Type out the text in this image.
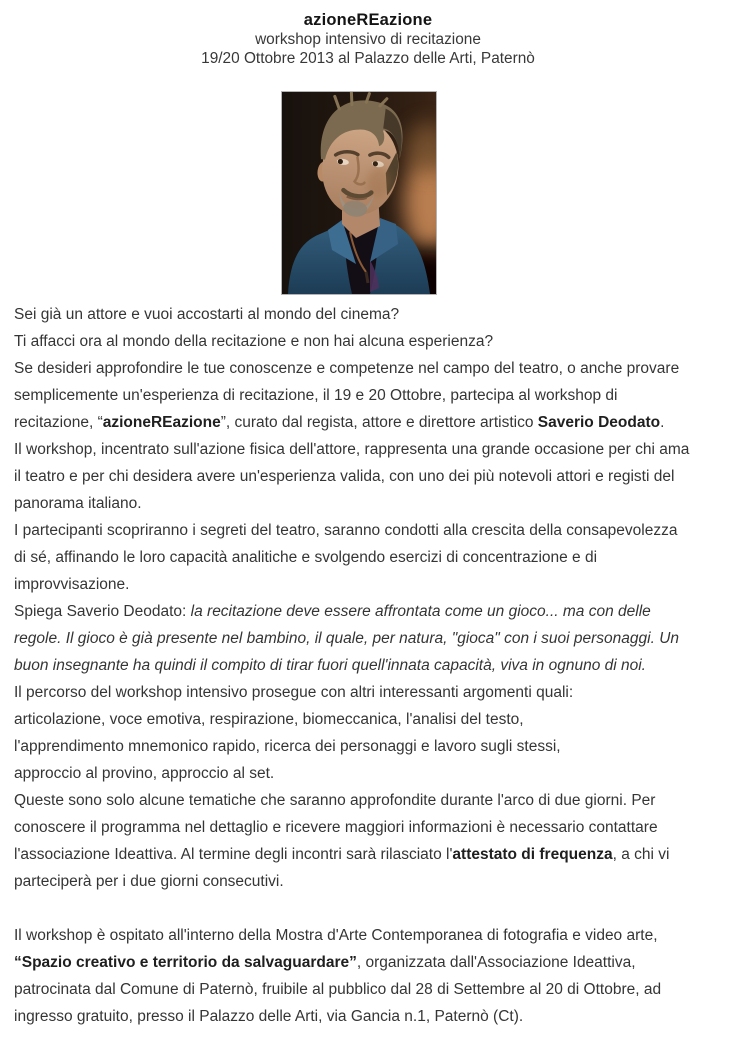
azioneREazione
workshop intensivo di recitazione
19/20 Ottobre 2013 al Palazzo delle Arti, Paternò
Sei già un attore e vuoi accostarti al mondo del cinema?
Ti affacci ora al mondo della recitazione e non hai alcuna esperienza?
Se desideri approfondire le tue conoscenze e competenze nel campo del teatro, o anche provare
semplicemente un'esperienza di recitazione, il 19 e 20 Ottobre, partecipa al workshop di
recitazione, “azioneREazione”, curato dal regista, attore e direttore artistico Saverio Deodato.
Il workshop, incentrato sull'azione fisica dell'attore, rappresenta una grande occasione per chi ama
il teatro e per chi desidera avere un'esperienza valida, con uno dei più notevoli attori e registi del
panorama italiano.
I partecipanti scopriranno i segreti del teatro, saranno condotti alla crescita della consapevolezza
di sé, affinando le loro capacità analitiche e svolgendo esercizi di concentrazione e di
improvvisazione.
Spiega Saverio Deodato: la recitazione deve essere affrontata come un gioco... ma con delle
regole. Il gioco è già presente nel bambino, il quale, per natura, "gioca" con i suoi personaggi. Un
buon insegnante ha quindi il compito di tirar fuori quell'innata capacità, viva in ognuno di noi.
Il percorso del workshop intensivo prosegue con altri interessanti argomenti quali:
articolazione, voce emotiva, respirazione, biomeccanica, l'analisi del testo,
l'apprendimento mnemonico rapido, ricerca dei personaggi e lavoro sugli stessi,
approccio al provino, approccio al set.
Queste sono solo alcune tematiche che saranno approfondite durante l'arco di due giorni. Per
conoscere il programma nel dettaglio e ricevere maggiori informazioni è necessario contattare
l'associazione Ideattiva. Al termine degli incontri sarà rilasciato l'attestato di frequenza, a chi vi
parteciperà per i due giorni consecutivi.
Il workshop è ospitato all'interno della Mostra d'Arte Contemporanea di fotografia e video arte,
“Spazio creativo e territorio da salvaguardare”, organizzata dall'Associazione Ideattiva,
patrocinata dal Comune di Paternò, fruibile al pubblico dal 28 di Settembre al 20 di Ottobre, ad
ingresso gratuito, presso il Palazzo delle Arti, via Gancia n.1, Paternò (Ct).
